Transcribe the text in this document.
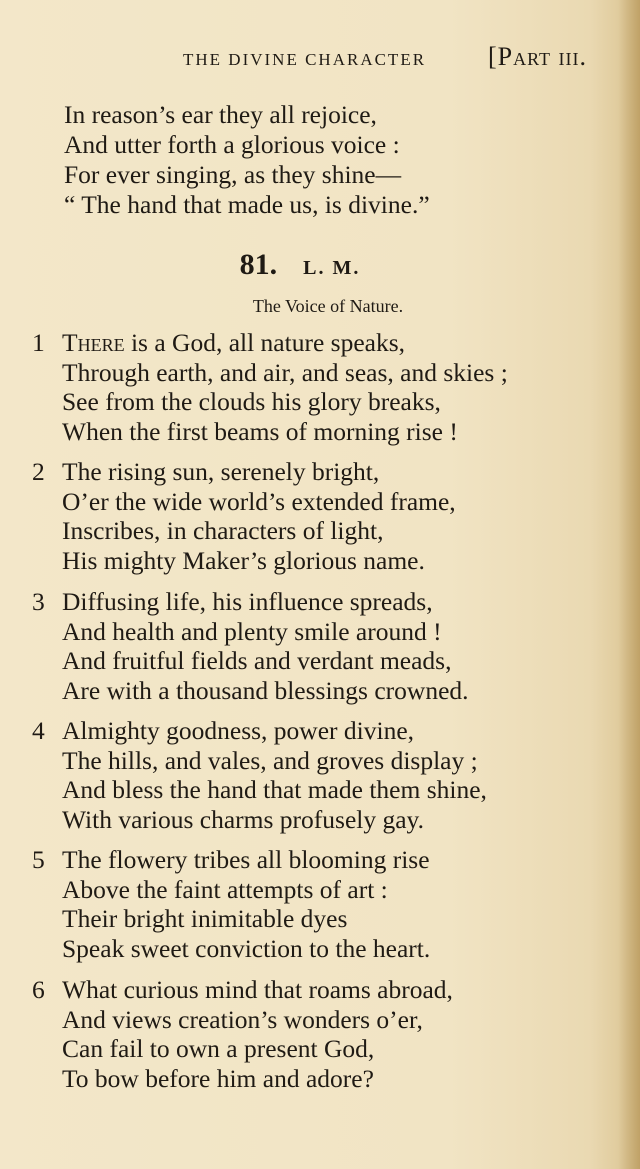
THE DIVINE CHARACTER [Part iii.
In reason’s ear they all rejoice,
And utter forth a glorious voice :
For ever singing, as they shine—
“ The hand that made us, is divine.”
81. L. M.
The Voice of Nature.
1 There is a God, all nature speaks,
Through earth, and air, and seas, and skies ;
See from the clouds his glory breaks,
When the first beams of morning rise !
2 The rising sun, serenely bright,
O’er the wide world’s extended frame,
Inscribes, in characters of light,
His mighty Maker’s glorious name.
3 Diffusing life, his influence spreads,
And health and plenty smile around !
And fruitful fields and verdant meads,
Are with a thousand blessings crowned.
4 Almighty goodness, power divine,
The hills, and vales, and groves display ;
And bless the hand that made them shine,
With various charms profusely gay.
5 The flowery tribes all blooming rise
Above the faint attempts of art :
Their bright inimitable dyes
Speak sweet conviction to the heart.
6 What curious mind that roams abroad,
And views creation’s wonders o’er,
Can fail to own a present God,
To bow before him and adore?
